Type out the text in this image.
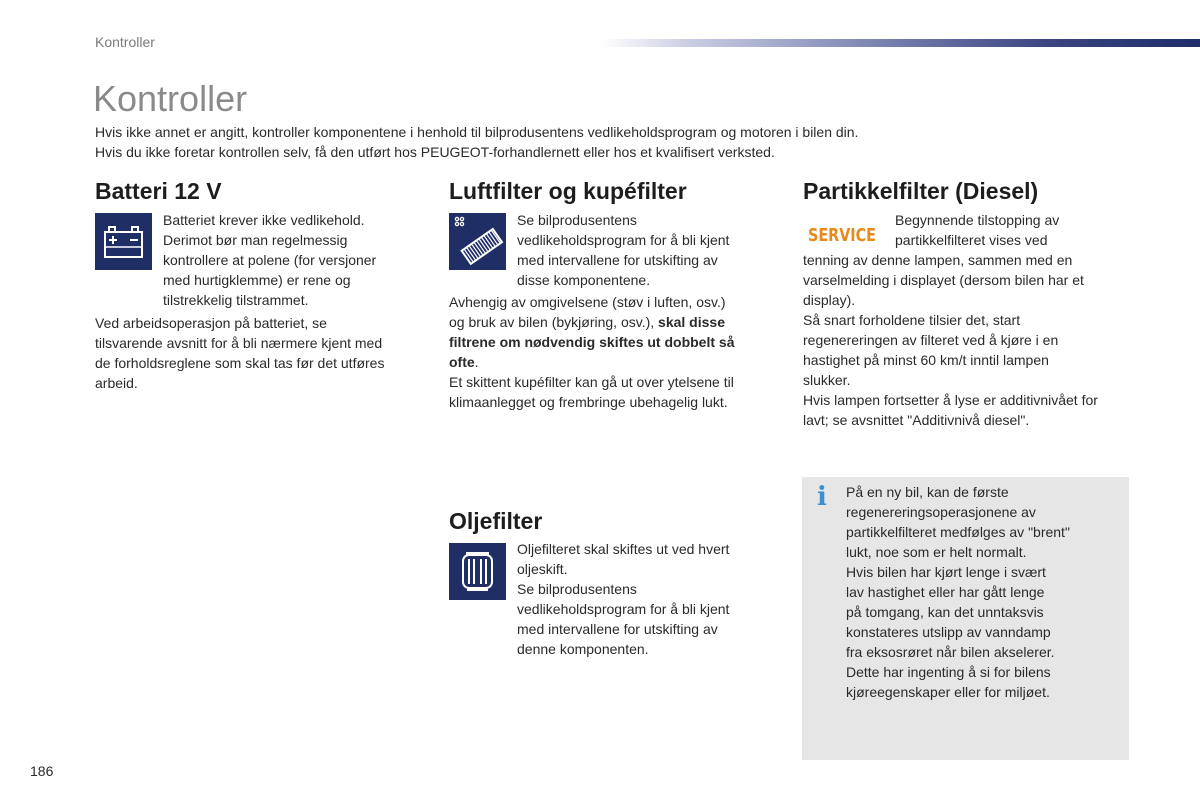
Kontroller
Kontroller
Hvis ikke annet er angitt, kontroller komponentene i henhold til bilprodusentens vedlikeholdsprogram og motoren i bilen din.
Hvis du ikke foretar kontrollen selv, få den utført hos PEUGEOT-forhandlernett eller hos et kvalifisert verksted.
Batteri 12 V
Batteriet krever ikke vedlikehold.
Derimot bør man regelmessig
kontrollere at polene (for versjoner
med hurtigklemme) er rene og
tilstrekkelig tilstrammet.
Ved arbeidsoperasjon på batteriet, se
tilsvarende avsnitt for å bli nærmere kjent med
de forholdsreglene som skal tas før det utføres
arbeid.
Luftfilter og kupéfilter
Se bilprodusentens
vedlikeholdsprogram for å bli kjent
med intervallene for utskifting av
disse komponentene.
Avhengig av omgivelsene (støv i luften, osv.)
og bruk av bilen (bykjøring, osv.), skal disse
filtrene om nødvendig skiftes ut dobbelt så
ofte.
Et skittent kupéfilter kan gå ut over ytelsene til
klimaanlegget og frembringe ubehagelig lukt.
Oljefilter
Oljefilteret skal skiftes ut ved hvert
oljeskift.
Se bilprodusentens
vedlikeholdsprogram for å bli kjent
med intervallene for utskifting av
denne komponenten.
Partikkelfilter (Diesel)
SERVICE
Begynnende tilstopping av
partikkelfilteret vises ved
tenning av denne lampen, sammen med en
varselmelding i displayet (dersom bilen har et
display).
Så snart forholdene tilsier det, start
regenereringen av filteret ved å kjøre i en
hastighet på minst 60 km/t inntil lampen
slukker.
Hvis lampen fortsetter å lyse er additivnivået for
lavt; se avsnittet "Additivnivå diesel".
i På en ny bil, kan de første
regenereringsoperasjonene av
partikkelfilteret medfølges av "brent"
lukt, noe som er helt normalt.
Hvis bilen har kjørt lenge i svært
lav hastighet eller har gått lenge
på tomgang, kan det unntaksvis
konstateres utslipp av vanndamp
fra eksosrøret når bilen akselerer.
Dette har ingenting å si for bilens
kjøreegenskaper eller for miljøet.
186
